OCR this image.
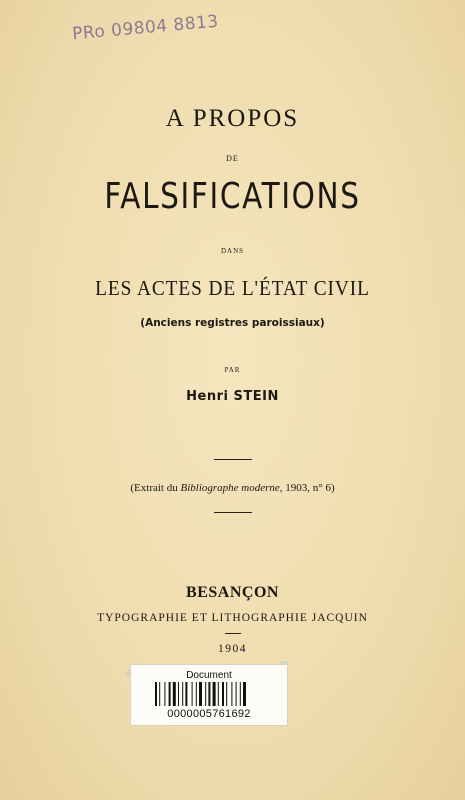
PRo 09804 8813
A PROPOS
DE
FALSIFICATIONS
DANS
LES ACTES DE L'ÉTAT CIVIL
(Anciens registres paroissiaux)
PAR
Henri STEIN
(Extrait du Bibliographe moderne, 1903, n° 6)
BESANÇON
TYPOGRAPHIE ET LITHOGRAPHIE JACQUIN
1904
Document
0000005761692
